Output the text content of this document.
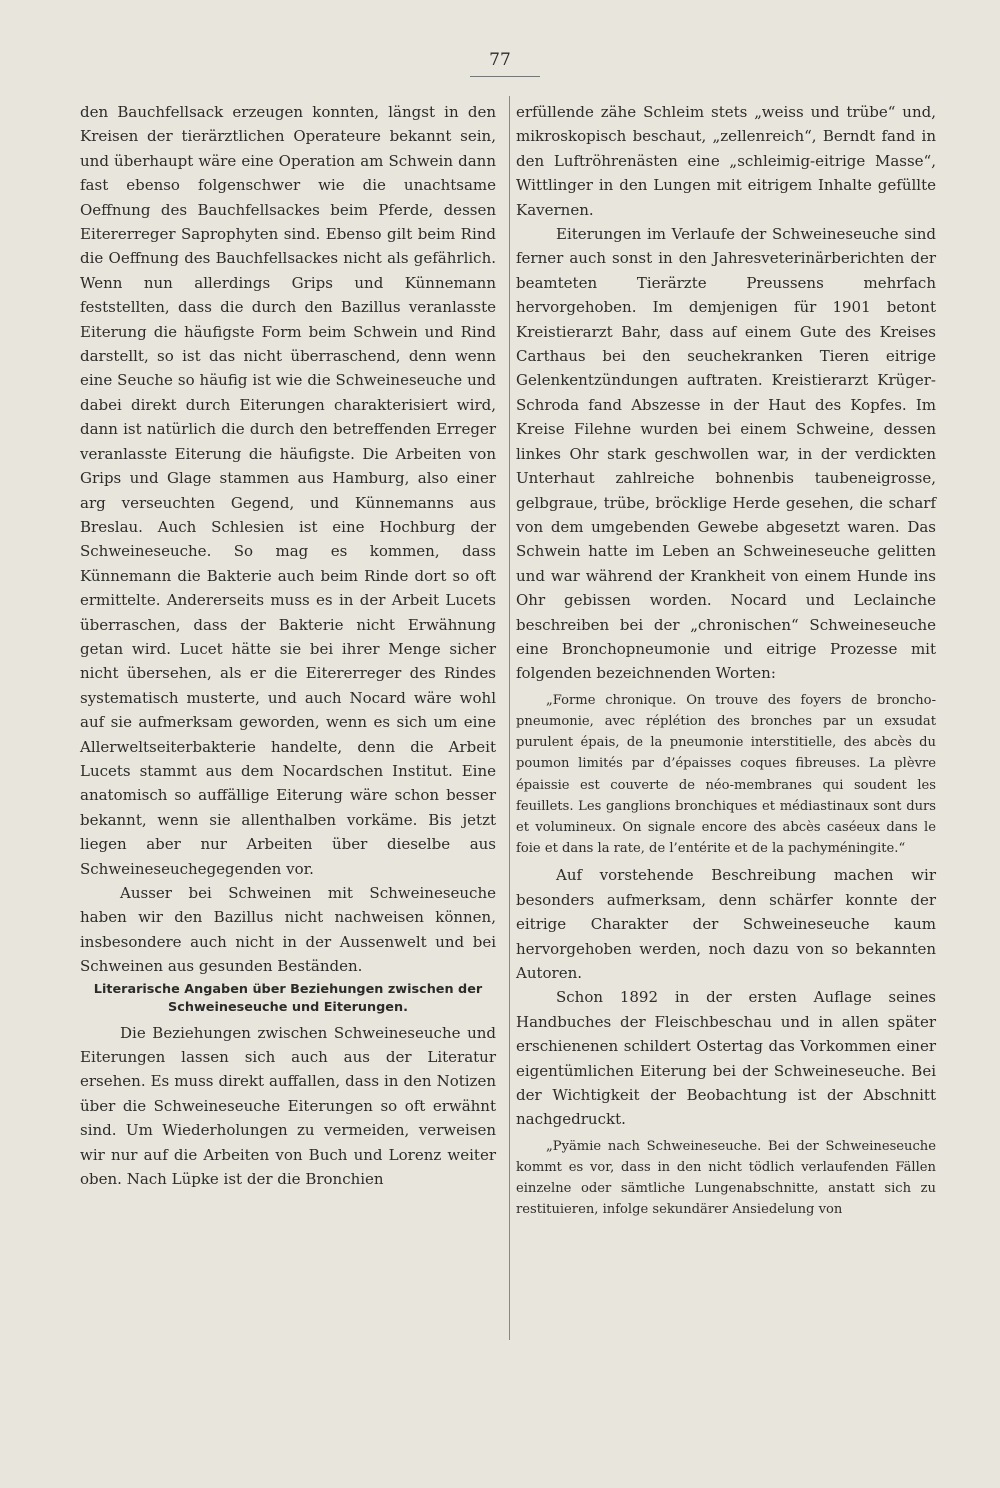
77

den Bauchfellsack erzeugen konnten, längst in den Kreisen der tierärztlichen Operateure bekannt sein, und überhaupt wäre eine Operation am Schwein dann fast ebenso folgenschwer wie die unachtsame Oeffnung des Bauchfellsackes beim Pferde, dessen Eitererreger Saprophyten sind. Ebenso gilt beim Rind die Oeffnung des Bauchfellsackes nicht als gefährlich. Wenn nun allerdings Grips und Künnemann feststellten, dass die durch den Bazillus veranlasste Eiterung die häufigste Form beim Schwein und Rind darstellt, so ist das nicht überraschend, denn wenn eine Seuche so häufig ist wie die Schweineseuche und dabei direkt durch Eiterungen charakterisiert wird, dann ist natürlich die durch den betreffenden Erreger veranlasste Eiterung die häufigste. Die Arbeiten von Grips und Glage stammen aus Hamburg, also einer arg verseuchten Gegend, und Künnemanns aus Breslau. Auch Schlesien ist eine Hochburg der Schweineseuche. So mag es kommen, dass Künnemann die Bakterie auch beim Rinde dort so oft ermittelte. Andererseits muss es in der Arbeit Lucets überraschen, dass der Bakterie nicht Erwähnung getan wird. Lucet hätte sie bei ihrer Menge sicher nicht übersehen, als er die Eitererreger des Rindes systematisch musterte, und auch Nocard wäre wohl auf sie aufmerksam geworden, wenn es sich um eine Allerweltseiterbakterie handelte, denn die Arbeit Lucets stammt aus dem Nocardschen Institut. Eine anatomisch so auffällige Eiterung wäre schon besser bekannt, wenn sie allenthalben vorkäme. Bis jetzt liegen aber nur Arbeiten über dieselbe aus Schweineseuchegegenden vor.

Ausser bei Schweinen mit Schweineseuche haben wir den Bazillus nicht nachweisen können, insbesondere auch nicht in der Aussenwelt und bei Schweinen aus gesunden Beständen.

Literarische Angaben über Beziehungen zwischen der Schweineseuche und Eiterungen.

Die Beziehungen zwischen Schweineseuche und Eiterungen lassen sich auch aus der Literatur ersehen. Es muss direkt auffallen, dass in den Notizen über die Schweineseuche Eiterungen so oft erwähnt sind. Um Wiederholungen zu vermeiden, verweisen wir nur auf die Arbeiten von Buch und Lorenz weiter oben. Nach Lüpke ist der die Bronchien

erfüllende zähe Schleim stets „weiss und trübe“ und, mikroskopisch beschaut, „zellenreich“, Berndt fand in den Luftröhrenästen eine „schleimig-eitrige Masse“, Wittlinger in den Lungen mit eitrigem Inhalte gefüllte Kavernen.

Eiterungen im Verlaufe der Schweineseuche sind ferner auch sonst in den Jahresveterinärberichten der beamteten Tierärzte Preussens mehrfach hervorgehoben. Im demjenigen für 1901 betont Kreistierarzt Bahr, dass auf einem Gute des Kreises Carthaus bei den seuchekranken Tieren eitrige Gelenkentzündungen auftraten. Kreistierarzt Krüger-Schroda fand Abszesse in der Haut des Kopfes. Im Kreise Filehne wurden bei einem Schweine, dessen linkes Ohr stark geschwollen war, in der verdickten Unterhaut zahlreiche bohnenbis taubeneigrosse, gelbgraue, trübe, bröcklige Herde gesehen, die scharf von dem umgebenden Gewebe abgesetzt waren. Das Schwein hatte im Leben an Schweineseuche gelitten und war während der Krankheit von einem Hunde ins Ohr gebissen worden. Nocard und Leclainche beschreiben bei der „chronischen“ Schweineseuche eine Bronchopneumonie und eitrige Prozesse mit folgenden bezeichnenden Worten:

„Forme chronique. On trouve des foyers de broncho-pneumonie, avec réplétion des bronches par un exsudat purulent épais, de la pneumonie interstitielle, des abcès du poumon limités par d’épaisses coques fibreuses. La plèvre épaissie est couverte de néo-membranes qui soudent les feuillets. Les ganglions bronchiques et médiastinaux sont durs et volumineux. On signale encore des abcès caséeux dans le foie et dans la rate, de l’entérite et de la pachyméningite.“

Auf vorstehende Beschreibung machen wir besonders aufmerksam, denn schärfer konnte der eitrige Charakter der Schweineseuche kaum hervorgehoben werden, noch dazu von so bekannten Autoren.

Schon 1892 in der ersten Auflage seines Handbuches der Fleischbeschau und in allen später erschienenen schildert Ostertag das Vorkommen einer eigentümlichen Eiterung bei der Schweineseuche. Bei der Wichtigkeit der Beobachtung ist der Abschnitt nachgedruckt.

„Pyämie nach Schweineseuche. Bei der Schweineseuche kommt es vor, dass in den nicht tödlich verlaufenden Fällen einzelne oder sämtliche Lungenabschnitte, anstatt sich zu restituieren, infolge sekundärer Ansiedelung von
